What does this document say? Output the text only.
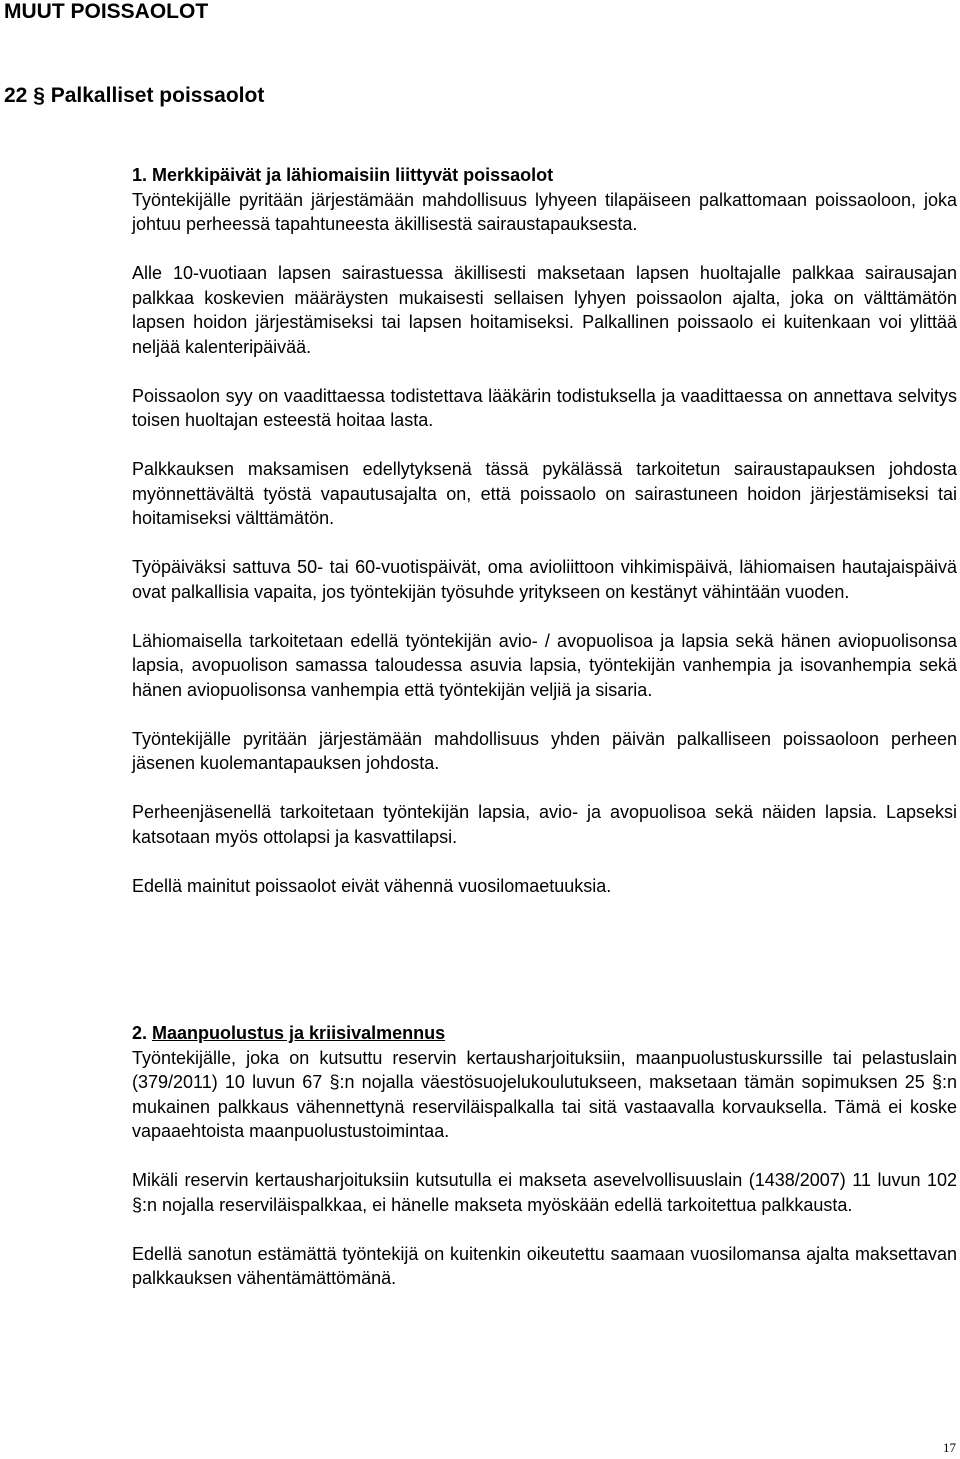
MUUT POISSAOLOT
22 § Palkalliset poissaolot

1. Merkkipäivät ja lähiomaisiin liittyvät poissaolot

Työntekijälle pyritään järjestämään mahdollisuus lyhyeen tilapäiseen palkattomaan poissaoloon, joka johtuu perheessä tapahtuneesta äkillisestä sairaustapauksesta.

Alle 10-vuotiaan lapsen sairastuessa äkillisesti maksetaan lapsen huoltajalle palkkaa sairausajan palkkaa koskevien määräysten mukaisesti sellaisen lyhyen poissaolon ajalta, joka on välttämätön lapsen hoidon järjestämiseksi tai lapsen hoitamiseksi. Palkallinen poissaolo ei kuitenkaan voi ylittää neljää kalenteripäivää.

Poissaolon syy on vaadittaessa todistettava lääkärin todistuksella ja vaadittaessa on annettava selvitys toisen huoltajan esteestä hoitaa lasta.

Palkkauksen maksamisen edellytyksenä tässä pykälässä tarkoitetun sairaustapauksen johdosta myönnettävältä työstä vapautusajalta on, että poissaolo on sairastuneen hoidon järjestämiseksi tai hoitamiseksi välttämätön.

Työpäiväksi sattuva 50- tai 60-vuotispäivät, oma avioliittoon vihkimispäivä, lähiomaisen hautajaispäivä ovat palkallisia vapaita, jos työntekijän työsuhde yritykseen on kestänyt vähintään vuoden.

Lähiomaisella tarkoitetaan edellä työntekijän avio- / avopuolisoa ja lapsia sekä hänen aviopuolisonsa lapsia, avopuolison samassa taloudessa asuvia lapsia, työntekijän vanhempia ja isovanhempia sekä hänen aviopuolisonsa vanhempia että työntekijän veljiä ja sisaria.

Työntekijälle pyritään järjestämään mahdollisuus yhden päivän palkalliseen poissaoloon perheen jäsenen kuolemantapauksen johdosta.

Perheenjäsenellä tarkoitetaan työntekijän lapsia, avio- ja avopuolisoa sekä näiden lapsia. Lapseksi katsotaan myös ottolapsi ja kasvattilapsi.

Edellä mainitut poissaolot eivät vähennä vuosilomaetuuksia.

2. Maanpuolustus ja kriisivalmennus

Työntekijälle, joka on kutsuttu reservin kertausharjoituksiin, maanpuolustuskurssille tai pelastuslain (379/2011) 10 luvun 67 §:n nojalla väestösuojelukoulutukseen, maksetaan tämän sopimuksen 25 §:n mukainen palkkaus vähennettynä reserviläispalkalla tai sitä vastaavalla korvauksella. Tämä ei koske vapaaehtoista maanpuolustustoimintaa.

Mikäli reservin kertausharjoituksiin kutsutulla ei makseta asevelvollisuuslain (1438/2007) 11 luvun 102 §:n nojalla reserviläispalkkaa, ei hänelle makseta myöskään edellä tarkoitettua palkkausta.

Edellä sanotun estämättä työntekijä on kuitenkin oikeutettu saamaan vuosilomansa ajalta maksettavan palkkauksen vähentämättömänä.

17
